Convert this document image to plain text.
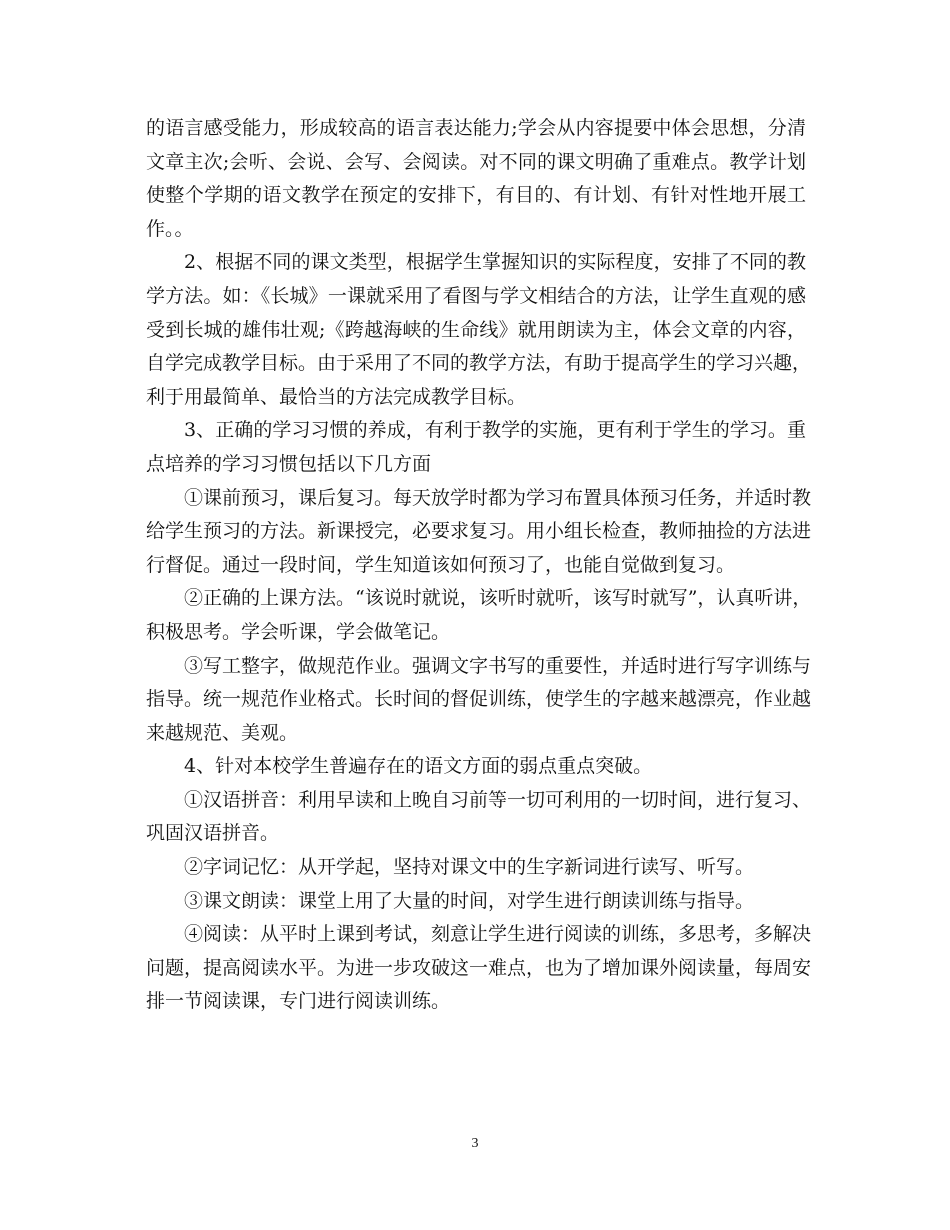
的语言感受能力，形成较高的语言表达能力;学会从内容提要中体会思想，分清
文章主次;会听、会说、会写、会阅读。对不同的课文明确了重难点。教学计划
使整个学期的语文教学在预定的安排下，有目的、有计划、有针对性地开展工
作。。
2、根据不同的课文类型，根据学生掌握知识的实际程度，安排了不同的教
学方法。如：《长城》一课就采用了看图与学文相结合的方法，让学生直观的感
受到长城的雄伟壮观;《跨越海峡的生命线》就用朗读为主，体会文章的内容，
自学完成教学目标。由于采用了不同的教学方法，有助于提高学生的学习兴趣，
利于用最简单、最恰当的方法完成教学目标。
3、正确的学习习惯的养成，有利于教学的实施，更有利于学生的学习。重
点培养的学习习惯包括以下几方面
①课前预习，课后复习。每天放学时都为学习布置具体预习任务，并适时教
给学生预习的方法。新课授完，必要求复习。用小组长检查，教师抽捡的方法进
行督促。通过一段时间，学生知道该如何预习了，也能自觉做到复习。
②正确的上课方法。“该说时就说，该听时就听，该写时就写”，认真听讲，
积极思考。学会听课，学会做笔记。
③写工整字，做规范作业。强调文字书写的重要性，并适时进行写字训练与
指导。统一规范作业格式。长时间的督促训练，使学生的字越来越漂亮，作业越
来越规范、美观。
4、针对本校学生普遍存在的语文方面的弱点重点突破。
①汉语拼音：利用早读和上晚自习前等一切可利用的一切时间，进行复习、
巩固汉语拼音。
②字词记忆：从开学起，坚持对课文中的生字新词进行读写、听写。
③课文朗读：课堂上用了大量的时间，对学生进行朗读训练与指导。
④阅读：从平时上课到考试，刻意让学生进行阅读的训练，多思考，多解决
问题，提高阅读水平。为进一步攻破这一难点，也为了增加课外阅读量，每周安
排一节阅读课，专门进行阅读训练。
3
